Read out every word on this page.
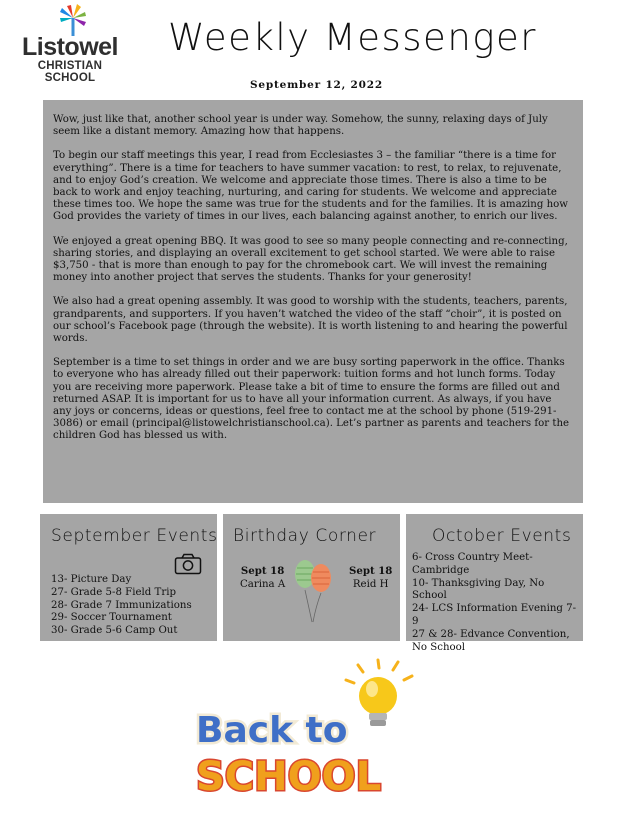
Listowel
CHRISTIAN SCHOOL
Weekly Messenger
September 12, 2022

Wow, just like that, another school year is under way. Somehow, the sunny, relaxing days of July seem like a distant memory. Amazing how that happens.

To begin our staff meetings this year, I read from Ecclesiastes 3 – the familiar “there is a time for everything”. There is a time for teachers to have summer vacation: to rest, to relax, to rejuvenate, and to enjoy God’s creation. We welcome and appreciate those times. There is also a time to be back to work and enjoy teaching, nurturing, and caring for students. We welcome and appreciate these times too. We hope the same was true for the students and for the families. It is amazing how God provides the variety of times in our lives, each balancing against another, to enrich our lives.

We enjoyed a great opening BBQ. It was good to see so many people connecting and re-connecting, sharing stories, and displaying an overall excitement to get school started. We were able to raise $3,750 - that is more than enough to pay for the chromebook cart. We will invest the remaining money into another project that serves the students. Thanks for your generosity!

We also had a great opening assembly. It was good to worship with the students, teachers, parents, grandparents, and supporters. If you haven’t watched the video of the staff “choir”, it is posted on our school’s Facebook page (through the website). It is worth listening to and hearing the powerful words.

September is a time to set things in order and we are busy sorting paperwork in the office. Thanks to everyone who has already filled out their paperwork: tuition forms and hot lunch forms. Today you are receiving more paperwork. Please take a bit of time to ensure the forms are filled out and returned ASAP. It is important for us to have all your information current. As always, if you have any joys or concerns, ideas or questions, feel free to contact me at the school by phone (519-291-3086) or email (principal@listowelchristianschool.ca). Let’s partner as parents and teachers for the children God has blessed us with.

September Events
13- Picture Day
27- Grade 5-8 Field Trip
28- Grade 7 Immunizations
29- Soccer Tournament
30- Grade 5-6 Camp Out
Birthday Corner
Sept 18
Carina A
Sept 18
Reid H
October Events
6- Cross Country Meet-Cambridge
10- Thanksgiving Day, No School
24- LCS Information Evening 7-9
27 & 28- Edvance Convention, No School
Back to
SCHOOL
